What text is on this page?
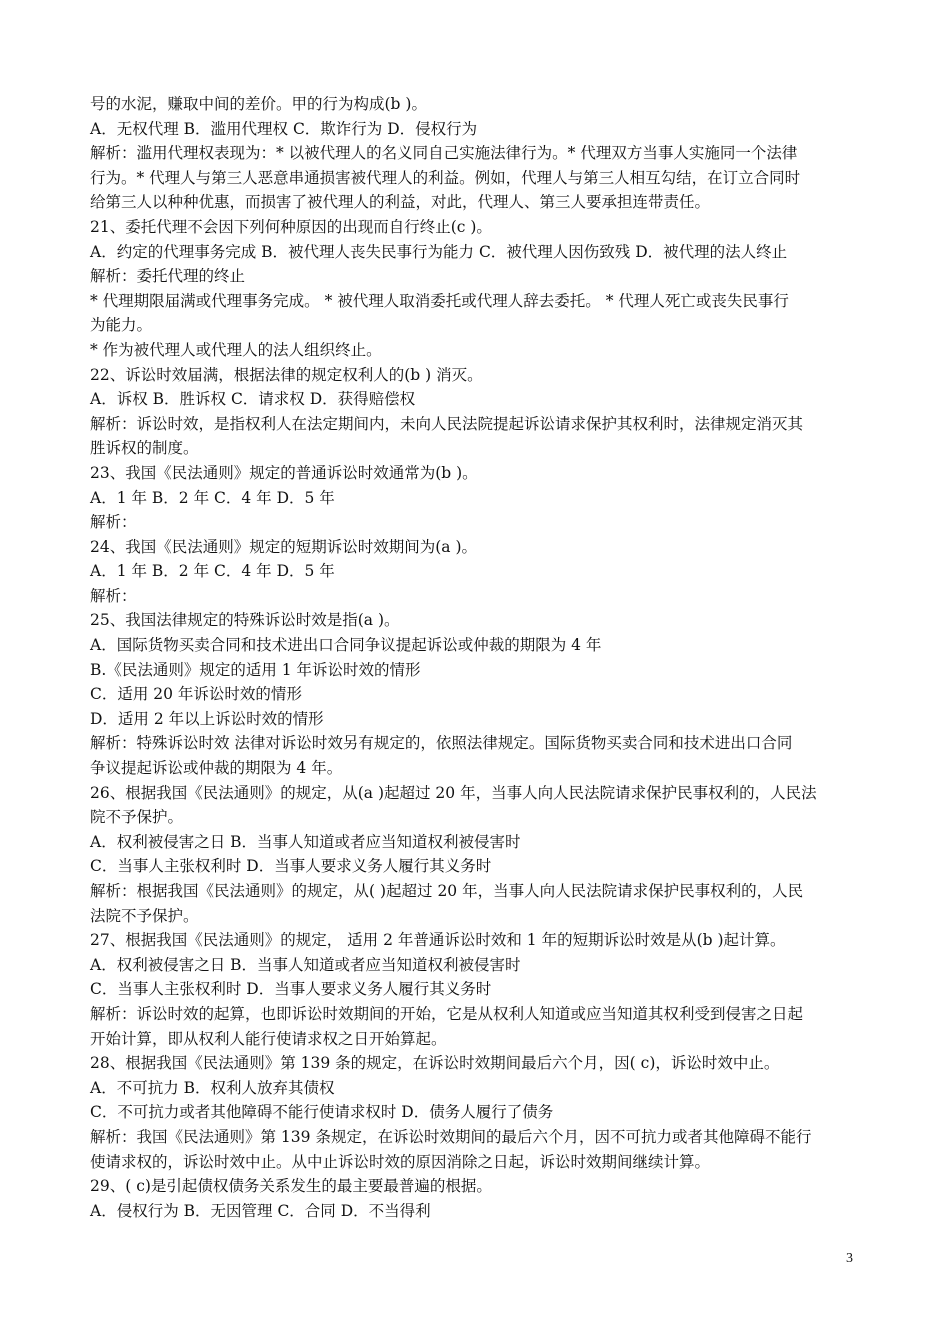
号的水泥，赚取中间的差价。甲的行为构成(b )。
A．无权代理 B．滥用代理权 C．欺诈行为 D．侵权行为
解析：滥用代理权表现为：* 以被代理人的名义同自己实施法律行为。* 代理双方当事人实施同一个法律
行为。* 代理人与第三人恶意串通损害被代理人的利益。例如，代理人与第三人相互勾结，在订立合同时
给第三人以种种优惠，而损害了被代理人的利益，对此，代理人、第三人要承担连带责任。
21、委托代理不会因下列何种原因的出现而自行终止(c )。
A．约定的代理事务完成 B．被代理人丧失民事行为能力 C．被代理人因伤致残 D．被代理的法人终止
解析：委托代理的终止
* 代理期限届满或代理事务完成。 * 被代理人取消委托或代理人辞去委托。 * 代理人死亡或丧失民事行
为能力。
* 作为被代理人或代理人的法人组织终止。
22、诉讼时效届满，根据法律的规定权利人的(b ) 消灭。
A．诉权 B．胜诉权 C．请求权 D．获得赔偿权
解析：诉讼时效，是指权利人在法定期间内，未向人民法院提起诉讼请求保护其权利时，法律规定消灭其
胜诉权的制度。
23、我国《民法通则》规定的普通诉讼时效通常为(b )。
A．1 年 B．2 年 C．4 年 D．5 年
解析：
24、我国《民法通则》规定的短期诉讼时效期间为(a )。
A．1 年 B．2 年 C．4 年 D．5 年
解析：
25、我国法律规定的特殊诉讼时效是指(a )。
A．国际货物买卖合同和技术进出口合同争议提起诉讼或仲裁的期限为 4 年
B.《民法通则》规定的适用 1 年诉讼时效的情形
C．适用 20 年诉讼时效的情形
D．适用 2 年以上诉讼时效的情形
解析：特殊诉讼时效 法律对诉讼时效另有规定的，依照法律规定。国际货物买卖合同和技术进出口合同
争议提起诉讼或仲裁的期限为 4 年。
26、根据我国《民法通则》的规定，从(a )起超过 20 年，当事人向人民法院请求保护民事权利的，人民法
院不予保护。
A．权利被侵害之日 B．当事人知道或者应当知道权利被侵害时
C．当事人主张权利时 D．当事人要求义务人履行其义务时
解析：根据我国《民法通则》的规定，从( )起超过 20 年，当事人向人民法院请求保护民事权利的，人民
法院不予保护。
27、根据我国《民法通则》的规定， 适用 2 年普通诉讼时效和 1 年的短期诉讼时效是从(b )起计算。
A．权利被侵害之日 B．当事人知道或者应当知道权利被侵害时
C．当事人主张权利时 D．当事人要求义务人履行其义务时
解析：诉讼时效的起算，也即诉讼时效期间的开始，它是从权利人知道或应当知道其权利受到侵害之日起
开始计算，即从权利人能行使请求权之日开始算起。
28、根据我国《民法通则》第 139 条的规定，在诉讼时效期间最后六个月，因( c)，诉讼时效中止。
A．不可抗力 B．权利人放弃其债权
C．不可抗力或者其他障碍不能行使请求权时 D．债务人履行了债务
解析：我国《民法通则》第 139 条规定，在诉讼时效期间的最后六个月，因不可抗力或者其他障碍不能行
使请求权的，诉讼时效中止。从中止诉讼时效的原因消除之日起，诉讼时效期间继续计算。
29、( c)是引起债权债务关系发生的最主要最普遍的根据。
A．侵权行为 B．无因管理 C．合同 D．不当得利
3
